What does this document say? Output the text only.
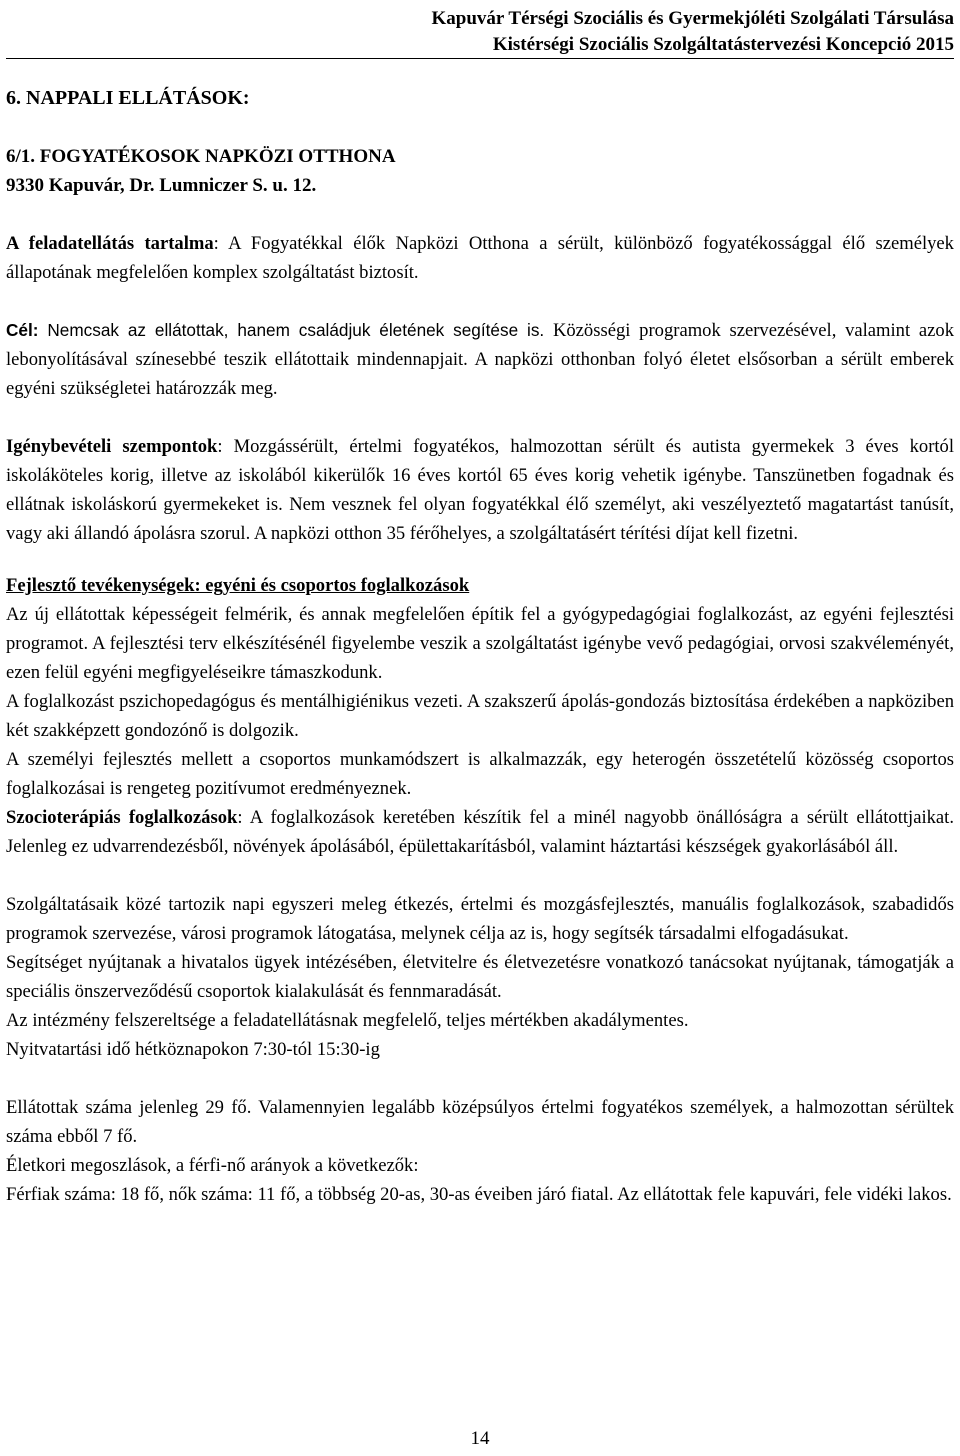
Kapuvár Térségi Szociális és Gyermekjóléti Szolgálati Társulása
Kistérségi Szociális Szolgáltatástervezési Koncepció 2015

6. NAPPALI ELLÁTÁSOK:

6/1. FOGYATÉKOSOK NAPKÖZI OTTHONA

9330 Kapuvár, Dr. Lumniczer S. u. 12.

A feladatellátás tartalma: A Fogyatékkal élők Napközi Otthona a sérült, különböző fogyatékossággal élő személyek állapotának megfelelően komplex szolgáltatást biztosít.

Cél: Nemcsak az ellátottak, hanem családjuk életének segítése is. Közösségi programok szervezésével, valamint azok lebonyolításával színesebbé teszik ellátottaik mindennapjait. A napközi otthonban folyó életet elsősorban a sérült emberek egyéni szükségletei határozzák meg.

Igénybevételi szempontok: Mozgássérült, értelmi fogyatékos, halmozottan sérült és autista gyermekek 3 éves kortól iskoláköteles korig, illetve az iskolából kikerülők 16 éves kortól 65 éves korig vehetik igénybe. Tanszünetben fogadnak és ellátnak iskoláskorú gyermekeket is. Nem vesznek fel olyan fogyatékkal élő személyt, aki veszélyeztető magatartást tanúsít, vagy aki állandó ápolásra szorul. A napközi otthon 35 férőhelyes, a szolgáltatásért térítési díjat kell fizetni.

Fejlesztő tevékenységek: egyéni és csoportos foglalkozások

Az új ellátottak képességeit felmérik, és annak megfelelően építik fel a gyógypedagógiai foglalkozást, az egyéni fejlesztési programot. A fejlesztési terv elkészítésénél figyelembe veszik a szolgáltatást igénybe vevő pedagógiai, orvosi szakvéleményét, ezen felül egyéni megfigyeléseikre támaszkodunk.

A foglalkozást pszichopedagógus és mentálhigiénikus vezeti. A szakszerű ápolás-gondozás biztosítása érdekében a napköziben két szakképzett gondozónő is dolgozik.

A személyi fejlesztés mellett a csoportos munkamódszert is alkalmazzák, egy heterogén összetételű közösség csoportos foglalkozásai is rengeteg pozitívumot eredményeznek.

Szocioterápiás foglalkozások: A foglalkozások keretében készítik fel a minél nagyobb önállóságra a sérült ellátottjaikat. Jelenleg ez udvarrendezésből, növények ápolásából, épülettakarításból, valamint háztartási készségek gyakorlásából áll.

Szolgáltatásaik közé tartozik napi egyszeri meleg étkezés, értelmi és mozgásfejlesztés, manuális foglalkozások, szabadidős programok szervezése, városi programok látogatása, melynek célja az is, hogy segítsék társadalmi elfogadásukat.

Segítséget nyújtanak a hivatalos ügyek intézésében, életvitelre és életvezetésre vonatkozó tanácsokat nyújtanak, támogatják a speciális önszerveződésű csoportok kialakulását és fennmaradását.

Az intézmény felszereltsége a feladatellátásnak megfelelő, teljes mértékben akadálymentes.

Nyitvatartási idő hétköznapokon 7:30-tól 15:30-ig

Ellátottak száma jelenleg 29 fő. Valamennyien legalább középsúlyos értelmi fogyatékos személyek, a halmozottan sérültek száma ebből 7 fő.

Életkori megoszlások, a férfi-nő arányok a következők:

Férfiak száma: 18 fő, nők száma: 11 fő, a többség 20-as, 30-as éveiben járó fiatal. Az ellátottak fele kapuvári, fele vidéki lakos.

14
